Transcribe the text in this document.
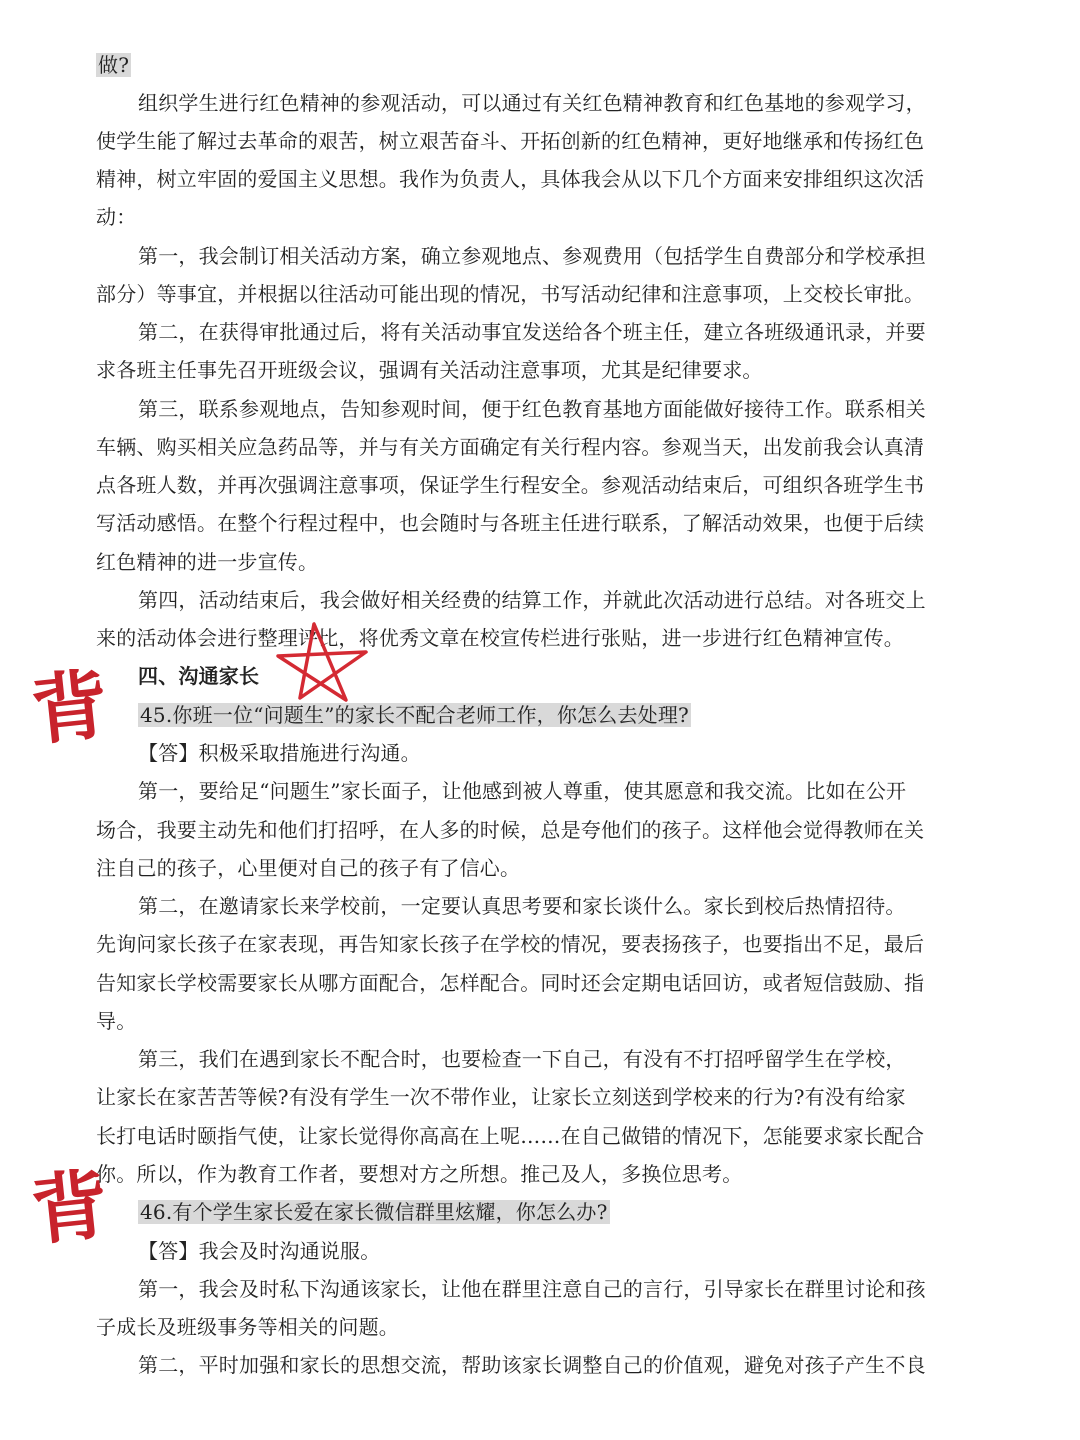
做?
组织学生进行红色精神的参观活动，可以通过有关红色精神教育和红色基地的参观学习，
使学生能了解过去革命的艰苦，树立艰苦奋斗、开拓创新的红色精神，更好地继承和传扬红色
精神，树立牢固的爱国主义思想。我作为负责人，具体我会从以下几个方面来安排组织这次活
动：
第一，我会制订相关活动方案，确立参观地点、参观费用（包括学生自费部分和学校承担
部分）等事宜，并根据以往活动可能出现的情况，书写活动纪律和注意事项，上交校长审批。
第二，在获得审批通过后，将有关活动事宜发送给各个班主任，建立各班级通讯录，并要
求各班主任事先召开班级会议，强调有关活动注意事项，尤其是纪律要求。
第三，联系参观地点，告知参观时间，便于红色教育基地方面能做好接待工作。联系相关
车辆、购买相关应急药品等，并与有关方面确定有关行程内容。参观当天，出发前我会认真清
点各班人数，并再次强调注意事项，保证学生行程安全。参观活动结束后，可组织各班学生书
写活动感悟。在整个行程过程中，也会随时与各班主任进行联系，了解活动效果，也便于后续
红色精神的进一步宣传。
第四，活动结束后，我会做好相关经费的结算工作，并就此次活动进行总结。对各班交上
来的活动体会进行整理评比，将优秀文章在校宣传栏进行张贴，进一步进行红色精神宣传。
四、沟通家长
45.你班一位“问题生”的家长不配合老师工作，你怎么去处理?
【答】积极采取措施进行沟通。
第一，要给足“问题生”家长面子，让他感到被人尊重，使其愿意和我交流。比如在公开
场合，我要主动先和他们打招呼，在人多的时候，总是夸他们的孩子。这样他会觉得教师在关
注自己的孩子，心里便对自己的孩子有了信心。
第二，在邀请家长来学校前，一定要认真思考要和家长谈什么。家长到校后热情招待。
先询问家长孩子在家表现，再告知家长孩子在学校的情况，要表扬孩子，也要指出不足，最后
告知家长学校需要家长从哪方面配合，怎样配合。同时还会定期电话回访，或者短信鼓励、指
导。
第三，我们在遇到家长不配合时，也要检查一下自己，有没有不打招呼留学生在学校，
让家长在家苦苦等候?有没有学生一次不带作业，让家长立刻送到学校来的行为?有没有给家
长打电话时颐指气使，让家长觉得你高高在上呢……在自己做错的情况下，怎能要求家长配合
你。所以，作为教育工作者，要想对方之所想。推己及人，多换位思考。
46.有个学生家长爱在家长微信群里炫耀，你怎么办?
【答】我会及时沟通说服。
第一，我会及时私下沟通该家长，让他在群里注意自己的言行，引导家长在群里讨论和孩
子成长及班级事务等相关的问题。
第二，平时加强和家长的思想交流，帮助该家长调整自己的价值观，避免对孩子产生不良
背
背
